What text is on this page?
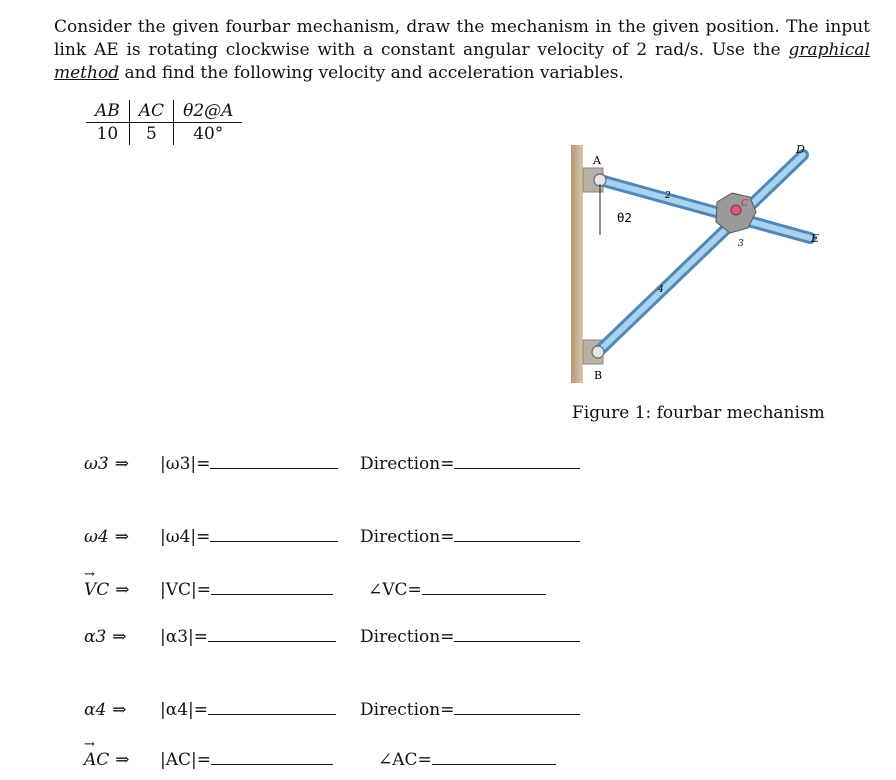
Consider the given fourbar mechanism, draw the mechanism in the given position. The input link AE is rotating clockwise with a constant angular velocity of 2 rad/s. Use the graphical method and find the following velocity and acceleration variables.
AB	AC	θ2@A
10	5	40°
A
B
C
D
E
θ2
2
3
4
Figure 1: fourbar mechanism
ω3 ⇒ |ω3|=	Direction=
ω4 ⇒ |ω4|=	Direction=
→ VC ⇒ |VC|=	∠VC=
α3 ⇒ |α3|=	Direction=
α4 ⇒ |α4|=	Direction=
→ AC ⇒ |AC|=	∠AC=
